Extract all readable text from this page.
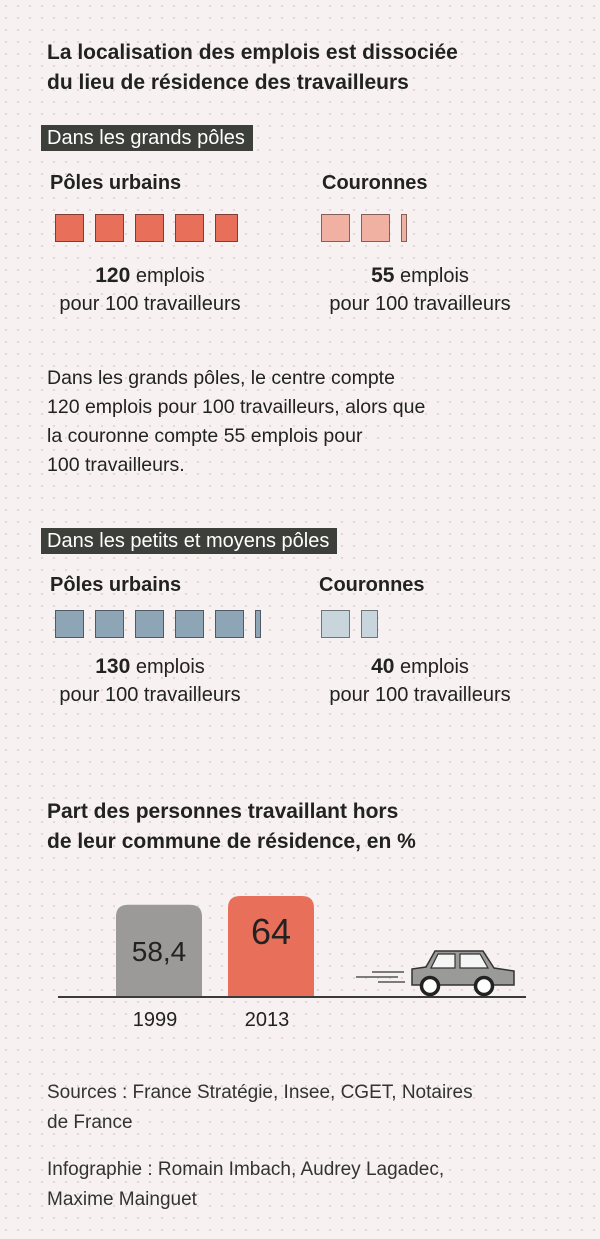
La localisation des emplois est dissociée
du lieu de résidence des travailleurs
Dans les grands pôles
Pôles urbains	Couronnes
120 emplois
pour 100 travailleurs
55 emplois
pour 100 travailleurs
Dans les grands pôles, le centre compte
120 emplois pour 100 travailleurs, alors que
la couronne compte 55 emplois pour
100 travailleurs.
Dans les petits et moyens pôles
Pôles urbains	Couronnes
130 emplois
pour 100 travailleurs
40 emplois
pour 100 travailleurs
Part des personnes travaillant hors
de leur commune de résidence, en %
58,4
1999
64
2013
Sources : France Stratégie, Insee, CGET, Notaires
de France
Infographie : Romain Imbach, Audrey Lagadec,
Maxime Mainguet
